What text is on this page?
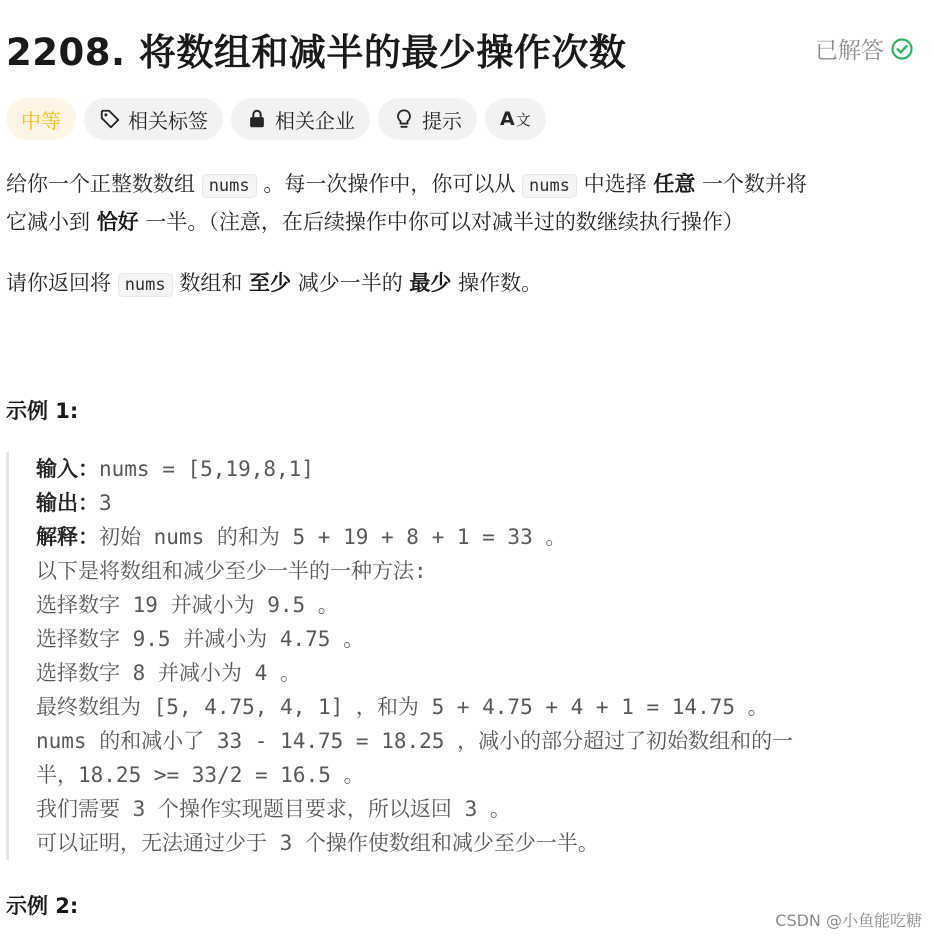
2208. 将数组和减半的最少操作次数	已解答
中等	相关标签	相关企业	提示 A 文
给你一个正整数数组 nums 。每一次操作中，你可以从 nums 中选择 任意 一个数并将
它减小到 恰好 一半。（注意，在后续操作中你可以对减半过的数继续执行操作）
请你返回将 nums 数组和 至少 减少一半的 最少 操作数。
示例 1:
输入：nums = [5,19,8,1]
输出：3
解释：初始 nums 的和为 5 + 19 + 8 + 1 = 33 。
以下是将数组和减少至少一半的一种方法:
选择数字 19 并减小为 9.5 。
选择数字 9.5 并减小为 4.75 。
选择数字 8 并减小为 4 。
最终数组为 [5, 4.75, 4, 1] ，和为 5 + 4.75 + 4 + 1 = 14.75 。
nums 的和减小了 33 - 14.75 = 18.25 ，减小的部分超过了初始数组和的一
半，18.25 >= 33/2 = 16.5 。
我们需要 3 个操作实现题目要求，所以返回 3 。
可以证明，无法通过少于 3 个操作使数组和减少至少一半。
示例 2:
CSDN @小鱼能吃糖
